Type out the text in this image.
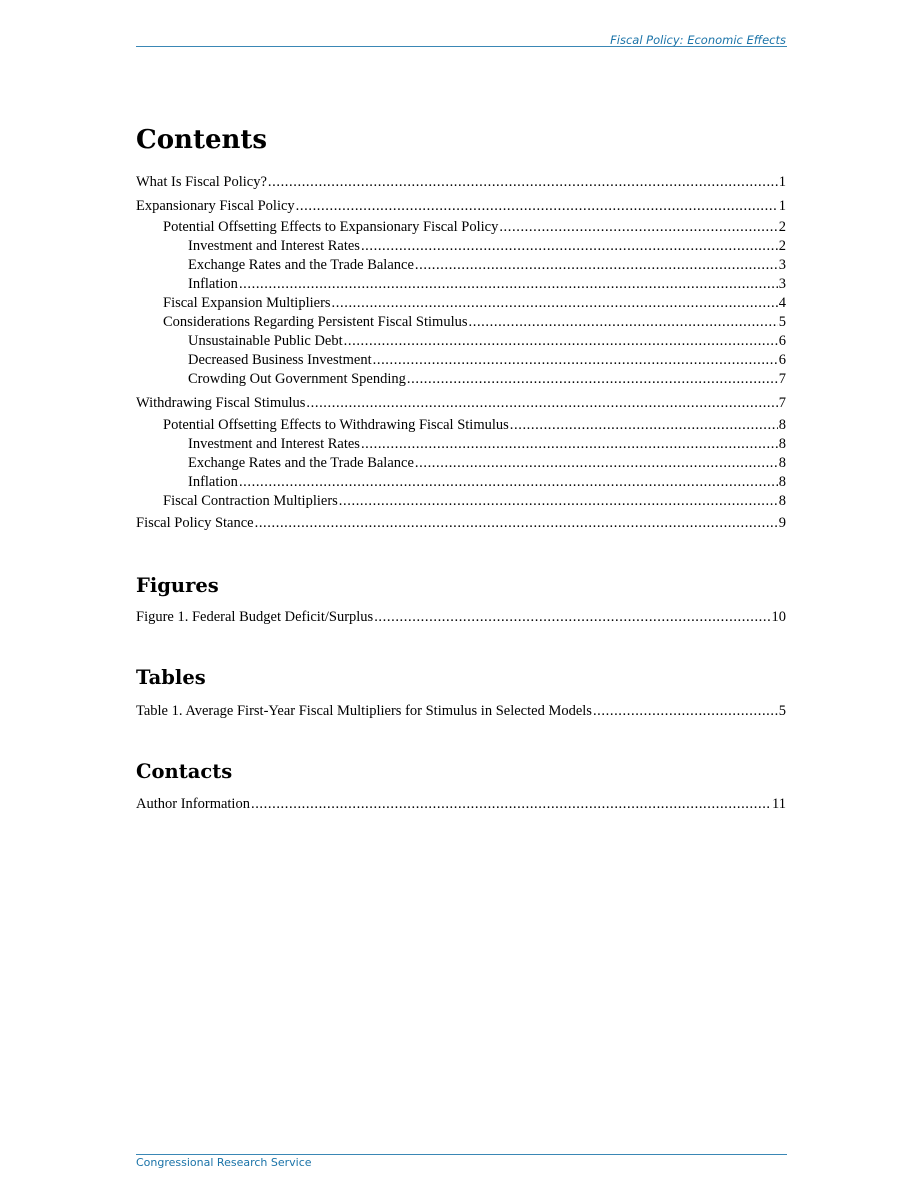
Fiscal Policy: Economic Effects
Contents
What Is Fiscal Policy? .....	1
Expansionary Fiscal Policy .....	1
Potential Offsetting Effects to Expansionary Fiscal Policy .....	2
Investment and Interest Rates .....	2
Exchange Rates and the Trade Balance .....	3
Inflation .....	3
Fiscal Expansion Multipliers .....	4
Considerations Regarding Persistent Fiscal Stimulus .....	5
Unsustainable Public Debt .....	6
Decreased Business Investment .....	6
Crowding Out Government Spending .....	7
Withdrawing Fiscal Stimulus .....	7
Potential Offsetting Effects to Withdrawing Fiscal Stimulus .....	8
Investment and Interest Rates .....	8
Exchange Rates and the Trade Balance .....	8
Inflation .....	8
Fiscal Contraction Multipliers .....	8
Fiscal Policy Stance .....	9
Figures
Figure 1. Federal Budget Deficit/Surplus .....	10
Tables
Table 1. Average First-Year Fiscal Multipliers for Stimulus in Selected Models .....	5
Contacts
Author Information .....	11
Congressional Research Service
